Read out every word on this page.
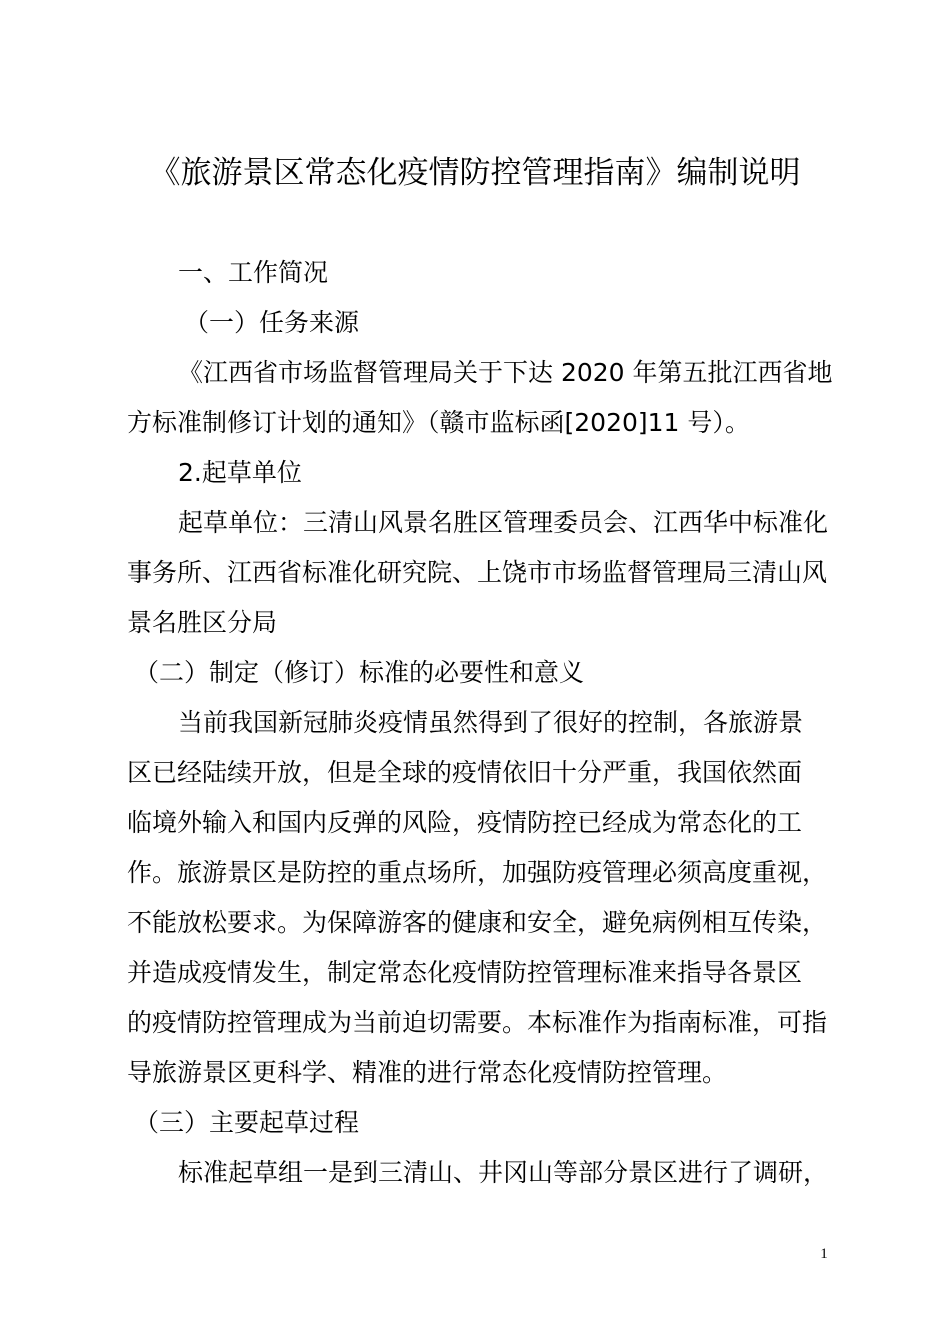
《旅游景区常态化疫情防控管理指南》编制说明
一、工作简况
（一）任务来源
《江西省市场监督管理局关于下达 2020 年第五批江西省地
方标准制修订计划的通知》（赣市监标函[2020]11 号）。
2.起草单位
起草单位：三清山风景名胜区管理委员会、江西华中标准化
事务所、江西省标准化研究院、上饶市市场监督管理局三清山风
景名胜区分局
（二）制定（修订）标准的必要性和意义
当前我国新冠肺炎疫情虽然得到了很好的控制，各旅游景
区已经陆续开放，但是全球的疫情依旧十分严重，我国依然面
临境外输入和国内反弹的风险，疫情防控已经成为常态化的工
作。旅游景区是防控的重点场所，加强防疫管理必须高度重视，
不能放松要求。为保障游客的健康和安全，避免病例相互传染，
并造成疫情发生，制定常态化疫情防控管理标准来指导各景区
的疫情防控管理成为当前迫切需要。本标准作为指南标准，可指
导旅游景区更科学、精准的进行常态化疫情防控管理。
（三）主要起草过程
标准起草组一是到三清山、井冈山等部分景区进行了调研，
1
